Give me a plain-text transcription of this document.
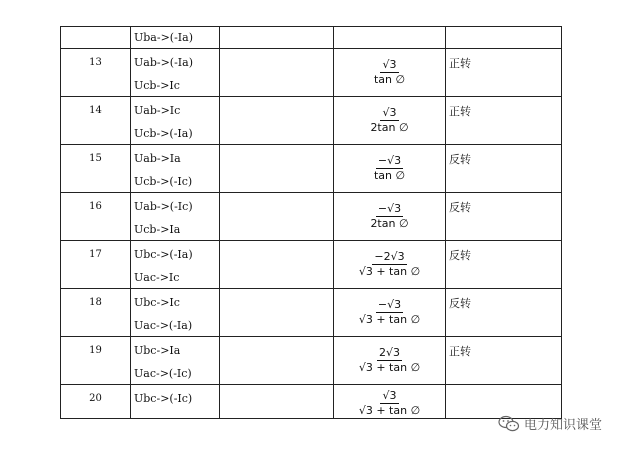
	Uba->(-Ia)			

13	Uab->(-Ia)
Ucb->Ic		$\frac{√3}{\tan \emptyset}$	正转

14	Uab->Ic
Ucb->(-Ia)		$\frac{√3}{2\tan \emptyset}$	正转

15	Uab->Ia
Ucb->(-Ic)		$\frac{-√3}{\tan \emptyset}$	反转

16	Uab->(-Ic)
Ucb->Ia		$\frac{-√3}{2\tan \emptyset}$	反转

17	Ubc->(-Ia)
Uac->Ic		$\frac{-2√3}{√3 + \tan \emptyset}$	反转

18	Ubc->Ic
Uac->(-Ia)		$\frac{-√3}{√3 + \tan \emptyset}$	反转

19	Ubc->Ia
Uac->(-Ic)		$\frac{2√3}{√3 + \tan \emptyset}$	正转

20	Ubc->(-Ic)		$\frac{√3}{√3 + \tan \emptyset}$

电力知识课堂
